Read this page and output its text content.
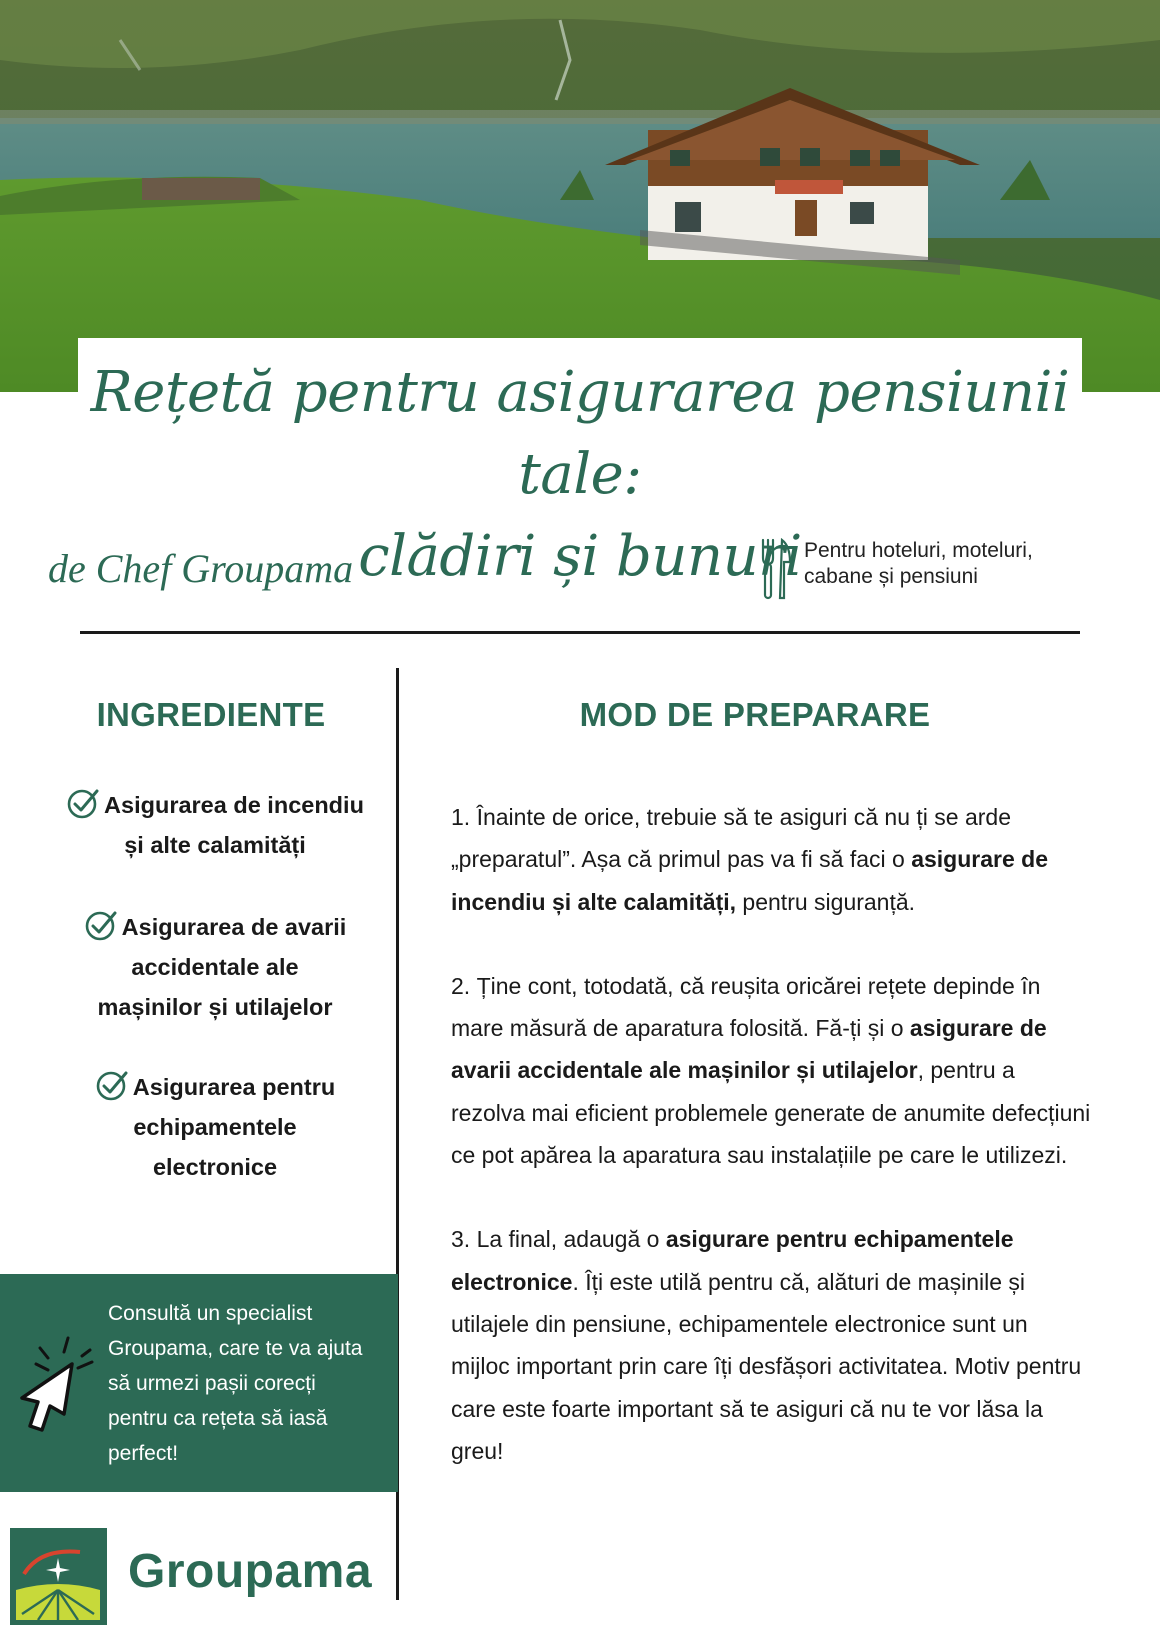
Rețetă pentru asigurarea pensiunii tale:
clădiri și bunuri
de Chef Groupama	Pentru hoteluri, moteluri,
cabane și pensiuni
INGREDIENTE
Asigurarea de incendiu
și alte calamități
Asigurarea de avarii
accidentale ale
mașinilor și utilajelor
Asigurarea pentru
echipamentele
electronice
MOD DE PREPARARE

1. Înainte de orice, trebuie să te asiguri că nu ți se arde „preparatul”. Așa că primul pas va fi să faci o asigurare de incendiu și alte calamități, pentru siguranță.

2. Ține cont, totodată, că reușita oricărei rețete depinde în mare măsură de aparatura folosită. Fă-ți și o asigurare de avarii accidentale ale mașinilor și utilajelor, pentru a rezolva mai eficient problemele generate de anumite defecțiuni ce pot apărea la aparatura sau instalațiile pe care le utilizezi.

3. La final, adaugă o asigurare pentru echipamentele electronice. Îți este utilă pentru că, alături de mașinile și utilajele din pensiune, echipamentele electronice sunt un mijloc important prin care îți desfășori activitatea. Motiv pentru care este foarte important să te asiguri că nu te vor lăsa la greu!

Consultă un specialist Groupama, care te va ajuta să urmezi pașii corecți pentru ca rețeta să iasă perfect!
Groupama
